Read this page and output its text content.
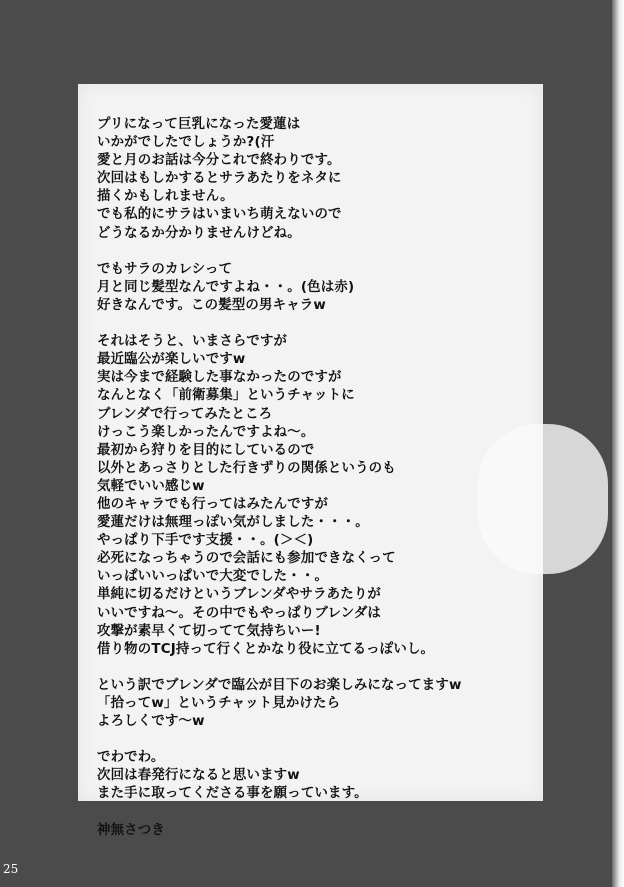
プリになって巨乳になった愛蓮は
いかがでしたでしょうか?(汗
愛と月のお話は今分これで終わりです。
次回はもしかするとサラあたりをネタに
描くかもしれません。
でも私的にサラはいまいち萌えないので
どうなるか分かりませんけどね。
でもサラのカレシって
月と同じ髪型なんですよね・・。(色は赤)
好きなんです。この髪型の男キャラw
それはそうと、いまさらですが
最近臨公が楽しいですw
実は今まで経験した事なかったのですが
なんとなく「前衛募集」というチャットに
ブレンダで行ってみたところ
けっこう楽しかったんですよね～。
最初から狩りを目的にしているので
以外とあっさりとした行きずりの関係というのも
気軽でいい感じw
他のキャラでも行ってはみたんですが
愛蓮だけは無理っぽい気がしました・・・。
やっぱり下手です支援・・。(＞＜)
必死になっちゃうので会話にも参加できなくって
いっぱいいっぱいで大変でした・・。
単純に切るだけというブレンダやサラあたりが
いいですね～。その中でもやっぱりブレンダは
攻撃が素早くて切ってて気持ちいー!
借り物のTCJ持って行くとかなり役に立てるっぽいし。
という訳でブレンダで臨公が目下のお楽しみになってますw
「拾ってw」というチャット見かけたら
よろしくです～w
でわでわ。
次回は春発行になると思いますw
また手に取ってくださる事を願っています。
神無さつき
25
